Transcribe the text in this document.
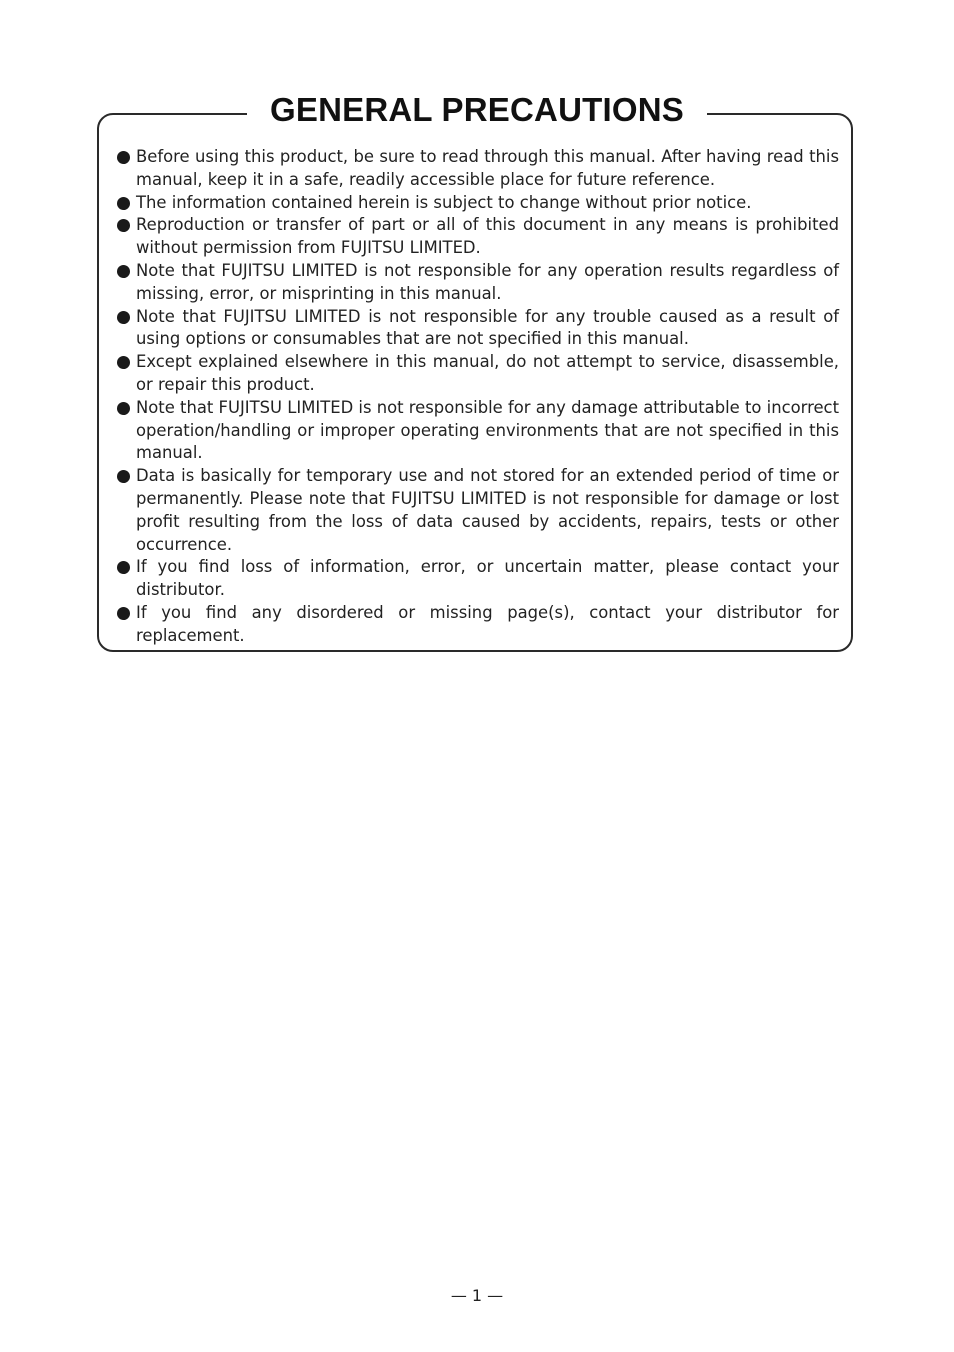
GENERAL PRECAUTIONS
Before using this product, be sure to read through this manual. After having read this manual, keep it in a safe, readily accessible place for future reference.
The information contained herein is subject to change without prior notice.
Reproduction or transfer of part or all of this document in any means is prohibited without permission from FUJITSU LIMITED.
Note that FUJITSU LIMITED is not responsible for any operation results regardless of missing, error, or misprinting in this manual.
Note that FUJITSU LIMITED is not responsible for any trouble caused as a result of using options or consumables that are not specified in this manual.
Except explained elsewhere in this manual, do not attempt to service, disassemble, or repair this product.
Note that FUJITSU LIMITED is not responsible for any damage attributable to incorrect operation/handling or improper operating environments that are not specified in this manual.
Data is basically for temporary use and not stored for an extended period of time or permanently. Please note that FUJITSU LIMITED is not responsible for damage or lost profit resulting from the loss of data caused by accidents, repairs, tests or other occurrence.
If you find loss of information, error, or uncertain matter, please contact your distributor.
If you find any disordered or missing page(s), contact your distributor for replacement.
— 1 —
